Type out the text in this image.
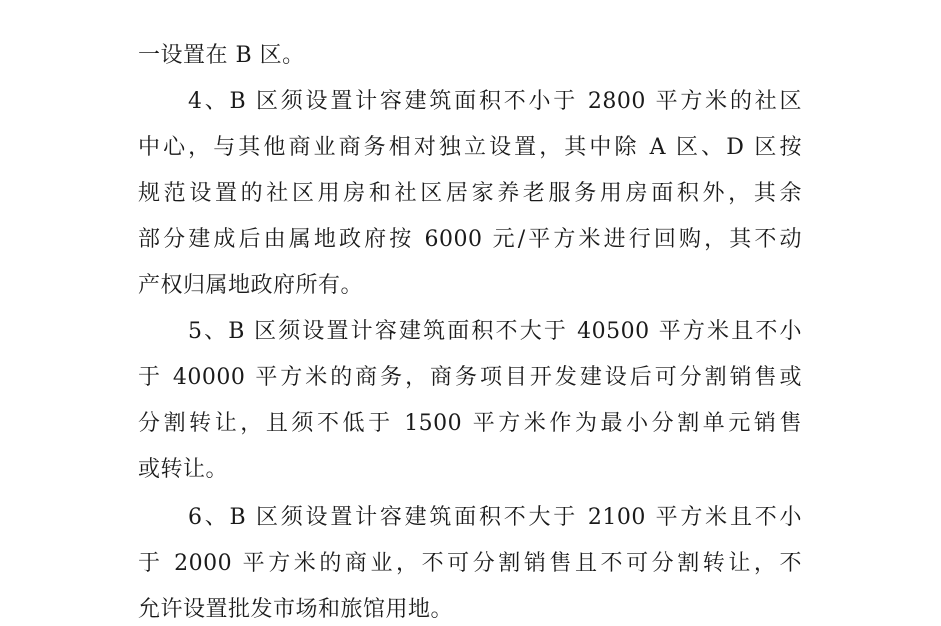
一设置在 B 区。
4、B 区须设置计容建筑面积不小于 2800 平方米的社区
中心，与其他商业商务相对独立设置，其中除 A 区、D 区按
规范设置的社区用房和社区居家养老服务用房面积外，其余
部分建成后由属地政府按 6000 元/平方米进行回购，其不动
产权归属地政府所有。
5、B 区须设置计容建筑面积不大于 40500 平方米且不小
于 40000 平方米的商务，商务项目开发建设后可分割销售或
分割转让，且须不低于 1500 平方米作为最小分割单元销售
或转让。
6、B 区须设置计容建筑面积不大于 2100 平方米且不小
于 2000 平方米的商业，不可分割销售且不可分割转让，不
允许设置批发市场和旅馆用地。
